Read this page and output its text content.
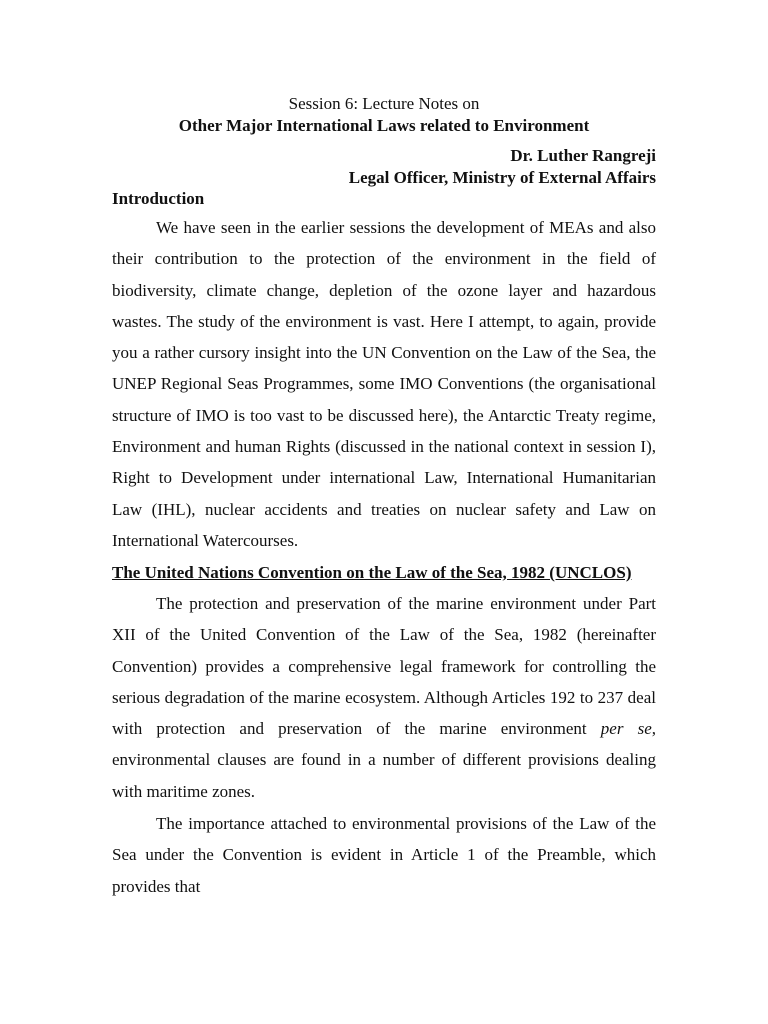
Session 6: Lecture Notes on
Other Major International Laws related to Environment
Dr. Luther Rangreji
Legal Officer, Ministry of External Affairs
Introduction

We have seen in the earlier sessions the development of MEAs and also their contribution to the protection of the environment in the field of biodiversity, climate change, depletion of the ozone layer and hazardous wastes. The study of the environment is vast. Here I attempt, to again, provide you a rather cursory insight into the UN Convention on the Law of the Sea, the UNEP Regional Seas Programmes, some IMO Conventions (the organisational structure of IMO is too vast to be discussed here), the Antarctic Treaty regime, Environment and human Rights (discussed in the national context in session I), Right to Development under international Law, International Humanitarian Law (IHL), nuclear accidents and treaties on nuclear safety and Law on International Watercourses.

The United Nations Convention on the Law of the Sea, 1982 (UNCLOS)

The protection and preservation of the marine environment under Part XII of the United Convention of the Law of the Sea, 1982 (hereinafter Convention) provides a comprehensive legal framework for controlling the serious degradation of the marine ecosystem. Although Articles 192 to 237 deal with protection and preservation of the marine environment per se, environmental clauses are found in a number of different provisions dealing with maritime zones.

The importance attached to environmental provisions of the Law of the Sea under the Convention is evident in Article 1 of the Preamble, which provides that
